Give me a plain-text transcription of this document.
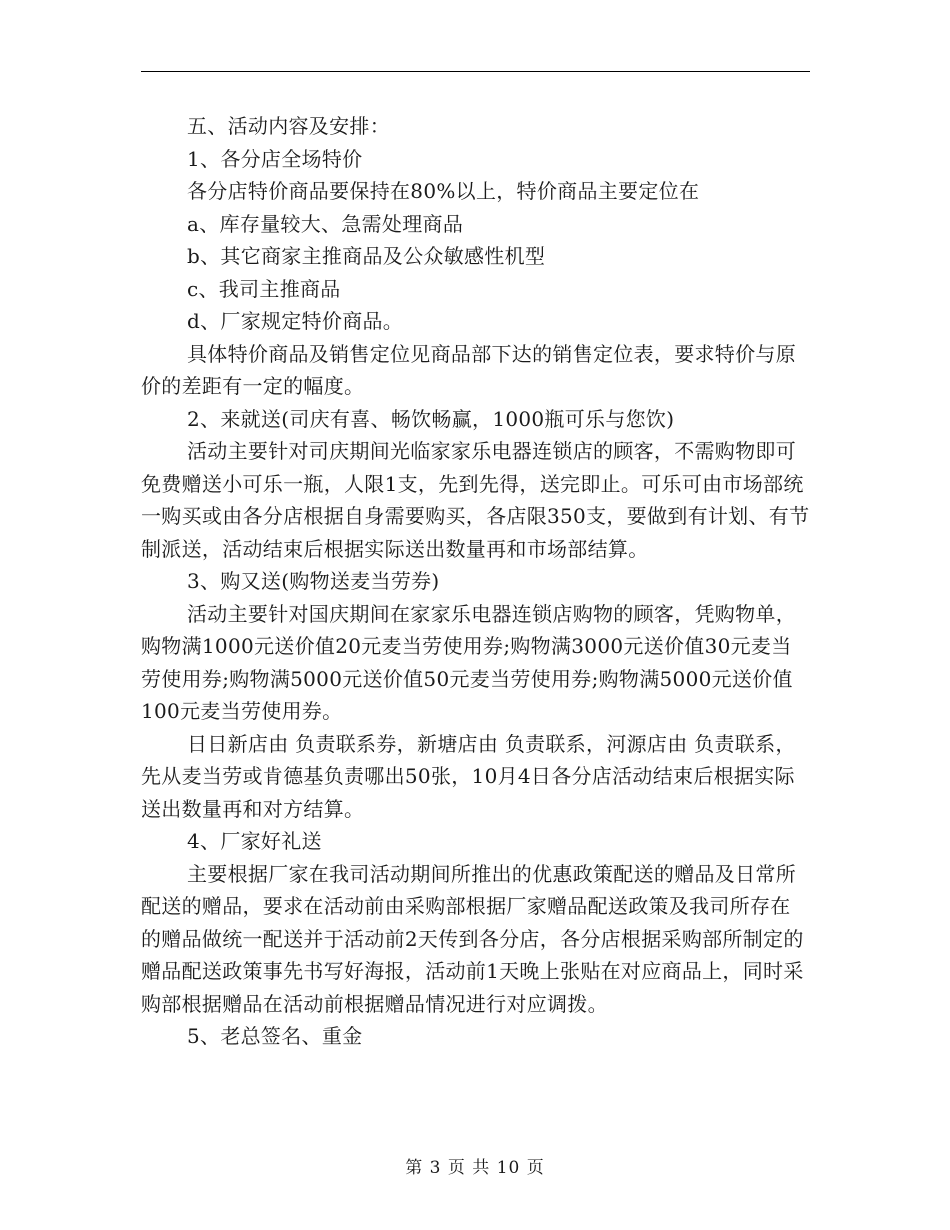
五、活动内容及安排：

1、各分店全场特价

各分店特价商品要保持在80%以上，特价商品主要定位在

a、库存量较大、急需处理商品

b、其它商家主推商品及公众敏感性机型

c、我司主推商品

d、厂家规定特价商品。

具体特价商品及销售定位见商品部下达的销售定位表，要求特价与原价的差距有一定的幅度。

2、来就送(司庆有喜、畅饮畅赢，1000瓶可乐与您饮)

活动主要针对司庆期间光临家家乐电器连锁店的顾客，不需购物即可免费赠送小可乐一瓶，人限1支，先到先得，送完即止。可乐可由市场部统一购买或由各分店根据自身需要购买，各店限350支，要做到有计划、有节制派送，活动结束后根据实际送出数量再和市场部结算。

3、购又送(购物送麦当劳券)

活动主要针对国庆期间在家家乐电器连锁店购物的顾客，凭购物单，购物满1000元送价值20元麦当劳使用券;购物满3000元送价值30元麦当劳使用券;购物满5000元送价值50元麦当劳使用券;购物满5000元送价值100元麦当劳使用券。

日日新店由 负责联系券，新塘店由 负责联系，河源店由 负责联系，先从麦当劳或肯德基负责哪出50张，10月4日各分店活动结束后根据实际送出数量再和对方结算。

4、厂家好礼送

主要根据厂家在我司活动期间所推出的优惠政策配送的赠品及日常所配送的赠品，要求在活动前由采购部根据厂家赠品配送政策及我司所存在的赠品做统一配送并于活动前2天传到各分店，各分店根据采购部所制定的赠品配送政策事先书写好海报，活动前1天晚上张贴在对应商品上，同时采购部根据赠品在活动前根据赠品情况进行对应调拨。

5、老总签名、重金

第 3 页 共 10 页
